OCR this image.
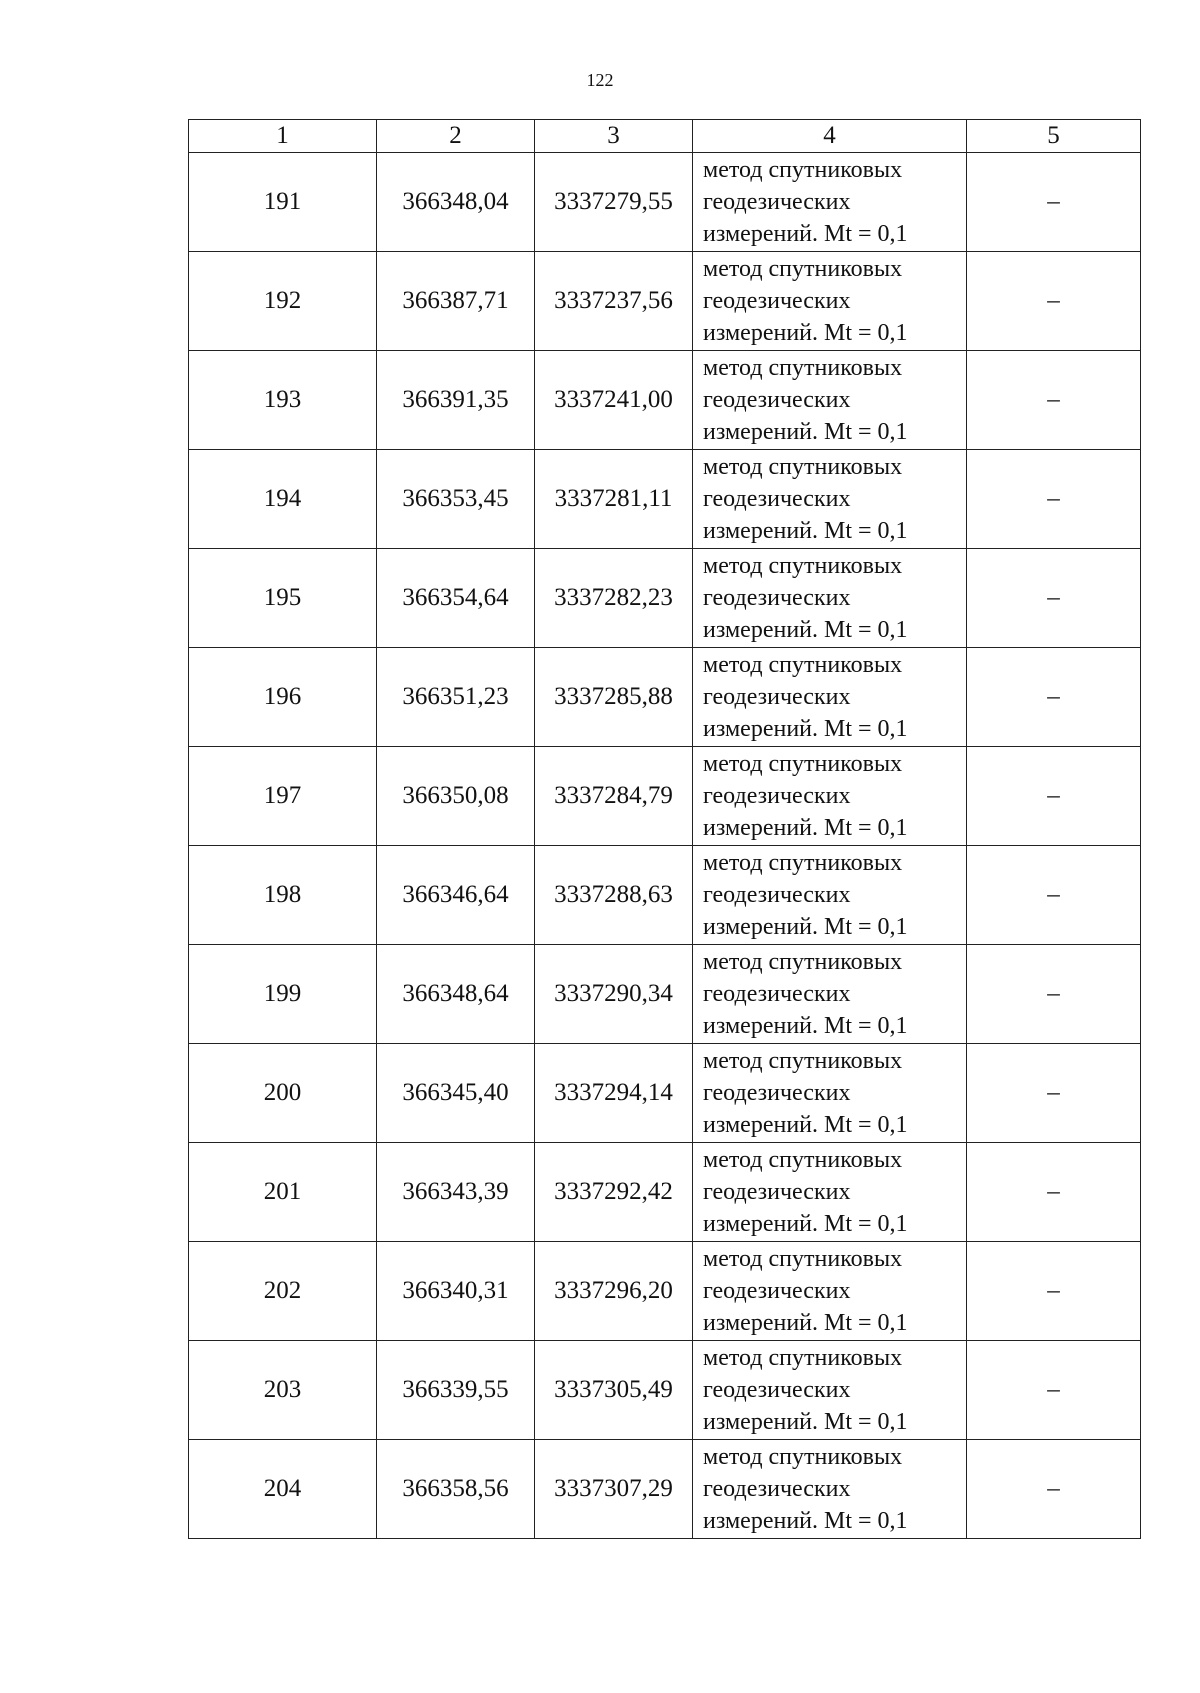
122
1	2	3	4	5
191	366348,04	3337279,55	метод спутниковых
геодезических
измерений. Mt = 0,1	–
192	366387,71	3337237,56	метод спутниковых
геодезических
измерений. Mt = 0,1	–
193	366391,35	3337241,00	метод спутниковых
геодезических
измерений. Mt = 0,1	–
194	366353,45	3337281,11	метод спутниковых
геодезических
измерений. Mt = 0,1	–
195	366354,64	3337282,23	метод спутниковых
геодезических
измерений. Mt = 0,1	–
196	366351,23	3337285,88	метод спутниковых
геодезических
измерений. Mt = 0,1	–
197	366350,08	3337284,79	метод спутниковых
геодезических
измерений. Mt = 0,1	–
198	366346,64	3337288,63	метод спутниковых
геодезических
измерений. Mt = 0,1	–
199	366348,64	3337290,34	метод спутниковых
геодезических
измерений. Mt = 0,1	–
200	366345,40	3337294,14	метод спутниковых
геодезических
измерений. Mt = 0,1	–
201	366343,39	3337292,42	метод спутниковых
геодезических
измерений. Mt = 0,1	–
202	366340,31	3337296,20	метод спутниковых
геодезических
измерений. Mt = 0,1	–
203	366339,55	3337305,49	метод спутниковых
геодезических
измерений. Mt = 0,1	–
204	366358,56	3337307,29	метод спутниковых
геодезических
измерений. Mt = 0,1	–
